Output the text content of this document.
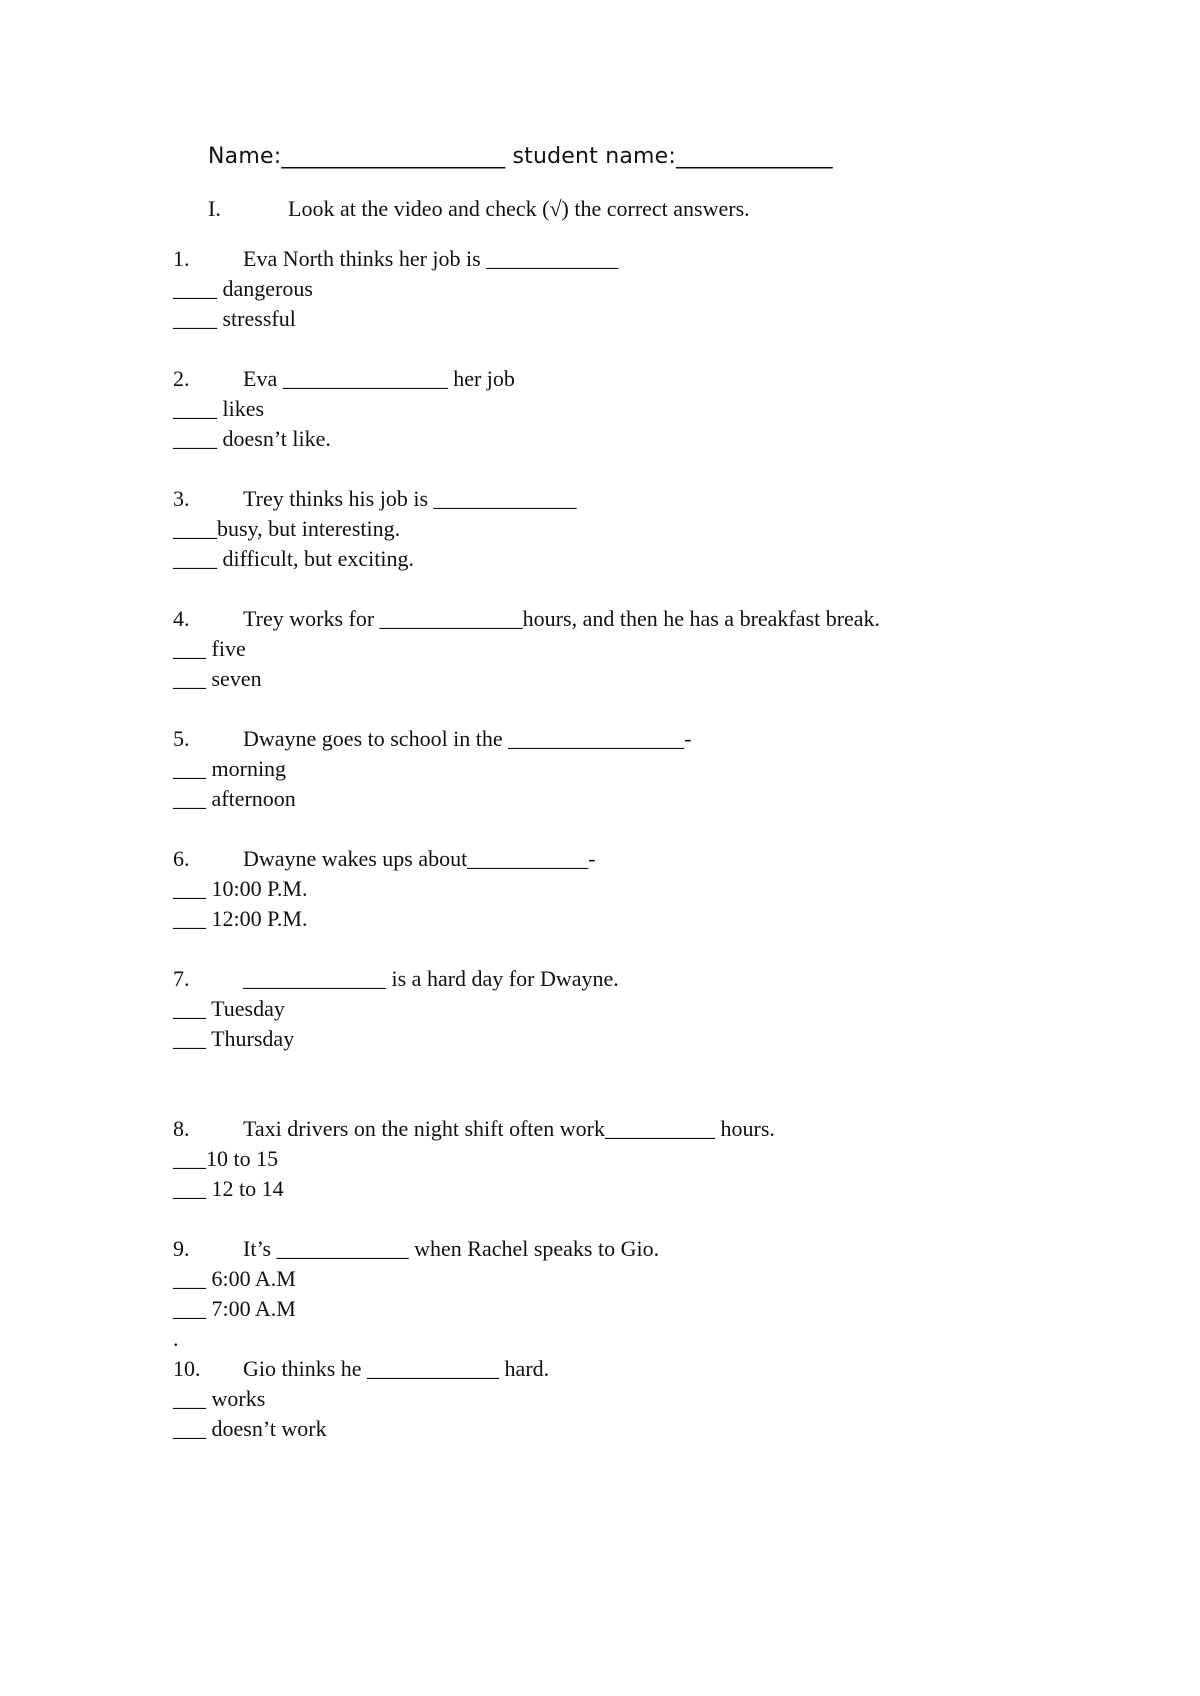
Name:____________________ student name:______________
I.	Look at the video and check (√) the correct answers.
1. Eva North thinks her job is ____________
____ dangerous
____ stressful
2. Eva _______________ her job
____ likes
____ doesn’t like.
3. Trey thinks his job is _____________
____busy, but interesting.
____ difficult, but exciting.
4. Trey works for _____________hours, and then he has a breakfast break.
___ five
___ seven
5. Dwayne goes to school in the ________________-
___ morning
___ afternoon
6. Dwayne wakes ups about___________-
___ 10:00 P.M.
___ 12:00 P.M.
7. _____________ is a hard day for Dwayne.
___ Tuesday
___ Thursday
8. Taxi drivers on the night shift often work__________ hours.
___10 to 15
___ 12 to 14
9. It’s ____________ when Rachel speaks to Gio.
___ 6:00 A.M
___ 7:00 A.M
.
10. Gio thinks he ____________ hard.
___ works
___ doesn’t work
